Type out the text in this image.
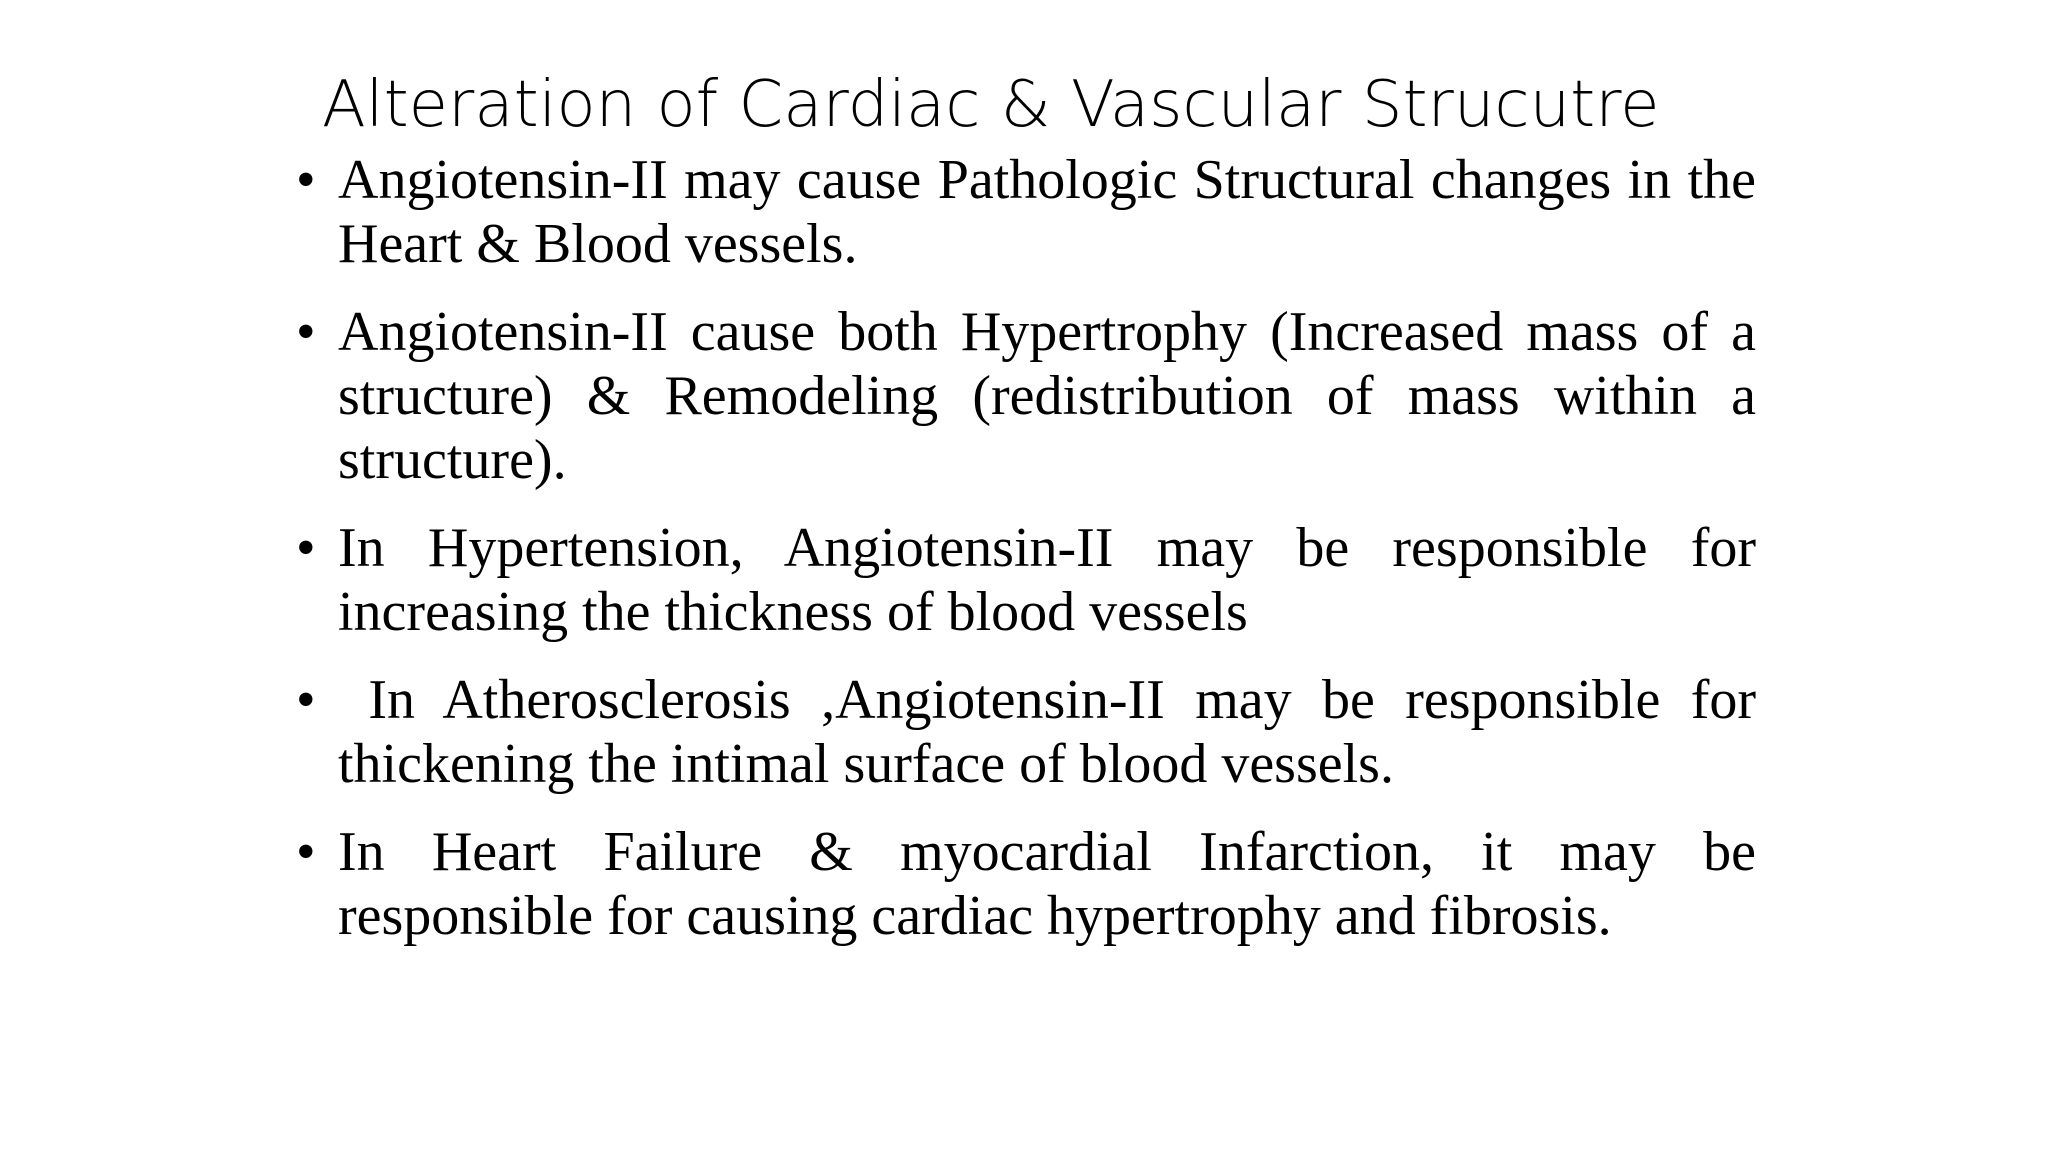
Alteration of Cardiac & Vascular Strucutre
• Angiotensin-II may cause Pathologic Structural changes in the Heart & Blood vessels.
• Angiotensin-II cause both Hypertrophy (Increased mass of a structure) & Remodeling (redistribution of mass within a structure).
• In Hypertension, Angiotensin-II may be responsible for increasing the thickness of blood vessels
• In Atherosclerosis ,Angiotensin-II may be responsible for thickening the intimal surface of blood vessels.
• In Heart Failure & myocardial Infarction, it may be responsible for causing cardiac hypertrophy and fibrosis.
